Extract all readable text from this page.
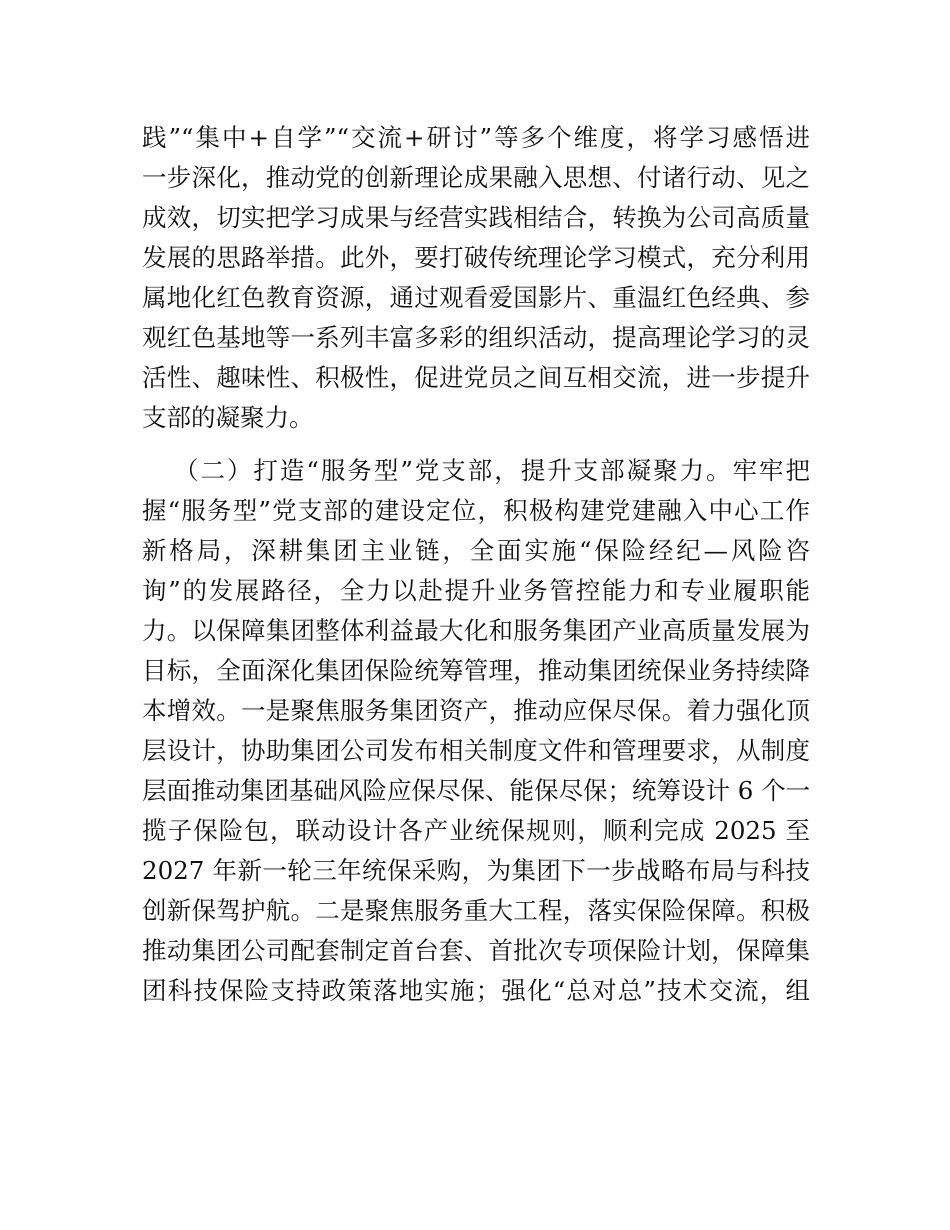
践”“集中+自学”“交流+研讨”等多个维度，将学习感悟进
一步深化，推动党的创新理论成果融入思想、付诸行动、见之
成效，切实把学习成果与经营实践相结合，转换为公司高质量
发展的思路举措。此外，要打破传统理论学习模式，充分利用
属地化红色教育资源，通过观看爱国影片、重温红色经典、参
观红色基地等一系列丰富多彩的组织活动，提高理论学习的灵
活性、趣味性、积极性，促进党员之间互相交流，进一步提升
支部的凝聚力。
（二）打造“服务型”党支部，提升支部凝聚力。牢牢把
握“服务型”党支部的建设定位，积极构建党建融入中心工作
新格局，深耕集团主业链，全面实施“保险经纪—风险咨
询”的发展路径，全力以赴提升业务管控能力和专业履职能
力。以保障集团整体利益最大化和服务集团产业高质量发展为
目标，全面深化集团保险统筹管理，推动集团统保业务持续降
本增效。一是聚焦服务集团资产，推动应保尽保。着力强化顶
层设计，协助集团公司发布相关制度文件和管理要求，从制度
层面推动集团基础风险应保尽保、能保尽保；统筹设计 6 个一
揽子保险包，联动设计各产业统保规则，顺利完成 2025 至
2027 年新一轮三年统保采购，为集团下一步战略布局与科技
创新保驾护航。二是聚焦服务重大工程，落实保险保障。积极
推动集团公司配套制定首台套、首批次专项保险计划，保障集
团科技保险支持政策落地实施；强化“总对总”技术交流，组
